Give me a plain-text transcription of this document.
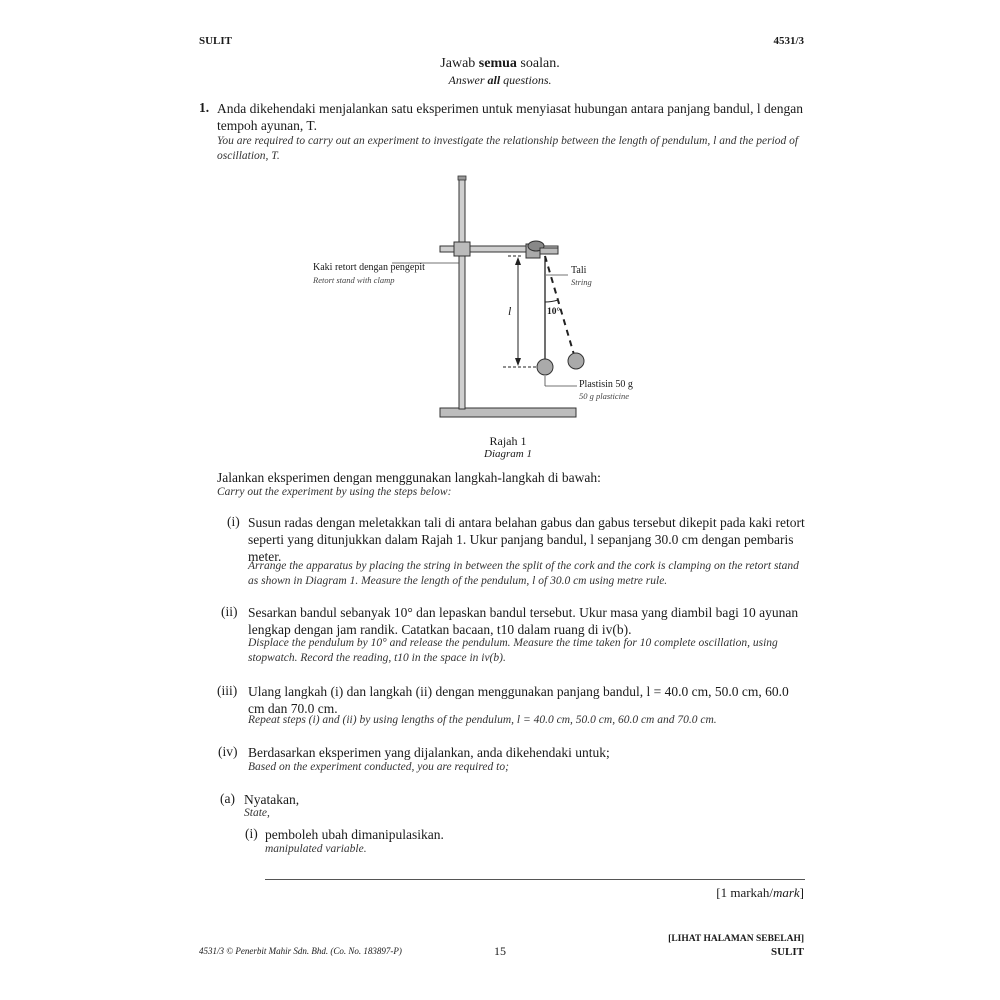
SULIT	4531/3
Jawab semua soalan.
Answer all questions.
1. Anda dikehendaki menjalankan satu eksperimen untuk menyiasat hubungan antara panjang bandul, l dengan tempoh ayunan, T.
You are required to carry out an experiment to investigate the relationship between the length of pendulum, l and the period of oscillation, T.
Kaki retort dengan pengepit
Retort stand with clamp
Tali
String
l	10°
Plastisin 50 g
50 g plasticine
Rajah 1
Diagram 1
Jalankan eksperimen dengan menggunakan langkah-langkah di bawah:
Carry out the experiment by using the steps below:
(i) Susun radas dengan meletakkan tali di antara belahan gabus dan gabus tersebut dikepit pada kaki retort seperti yang ditunjukkan dalam Rajah 1. Ukur panjang bandul, l sepanjang 30.0 cm dengan pembaris meter.
Arrange the apparatus by placing the string in between the split of the cork and the cork is clamping on the retort stand as shown in Diagram 1. Measure the length of the pendulum, l of 30.0 cm using metre rule.
(ii) Sesarkan bandul sebanyak 10° dan lepaskan bandul tersebut. Ukur masa yang diambil bagi 10 ayunan lengkap dengan jam randik. Catatkan bacaan, t10 dalam ruang di iv(b).
Displace the pendulum by 10° and release the pendulum. Measure the time taken for 10 complete oscillation, using stopwatch. Record the reading, t10 in the space in iv(b).
(iii) Ulang langkah (i) dan langkah (ii) dengan menggunakan panjang bandul, l = 40.0 cm, 50.0 cm, 60.0 cm dan 70.0 cm.
Repeat steps (i) and (ii) by using lengths of the pendulum, l = 40.0 cm, 50.0 cm, 60.0 cm and 70.0 cm.
(iv) Berdasarkan eksperimen yang dijalankan, anda dikehendaki untuk;
Based on the experiment conducted, you are required to;
(a) Nyatakan,
State,
(i) pemboleh ubah dimanipulasikan.
manipulated variable.
[1 markah/mark]
4531/3 © Penerbit Mahir Sdn. Bhd. (Co. No. 183897-P)	15
[LIHAT HALAMAN SEBELAH]
SULIT
